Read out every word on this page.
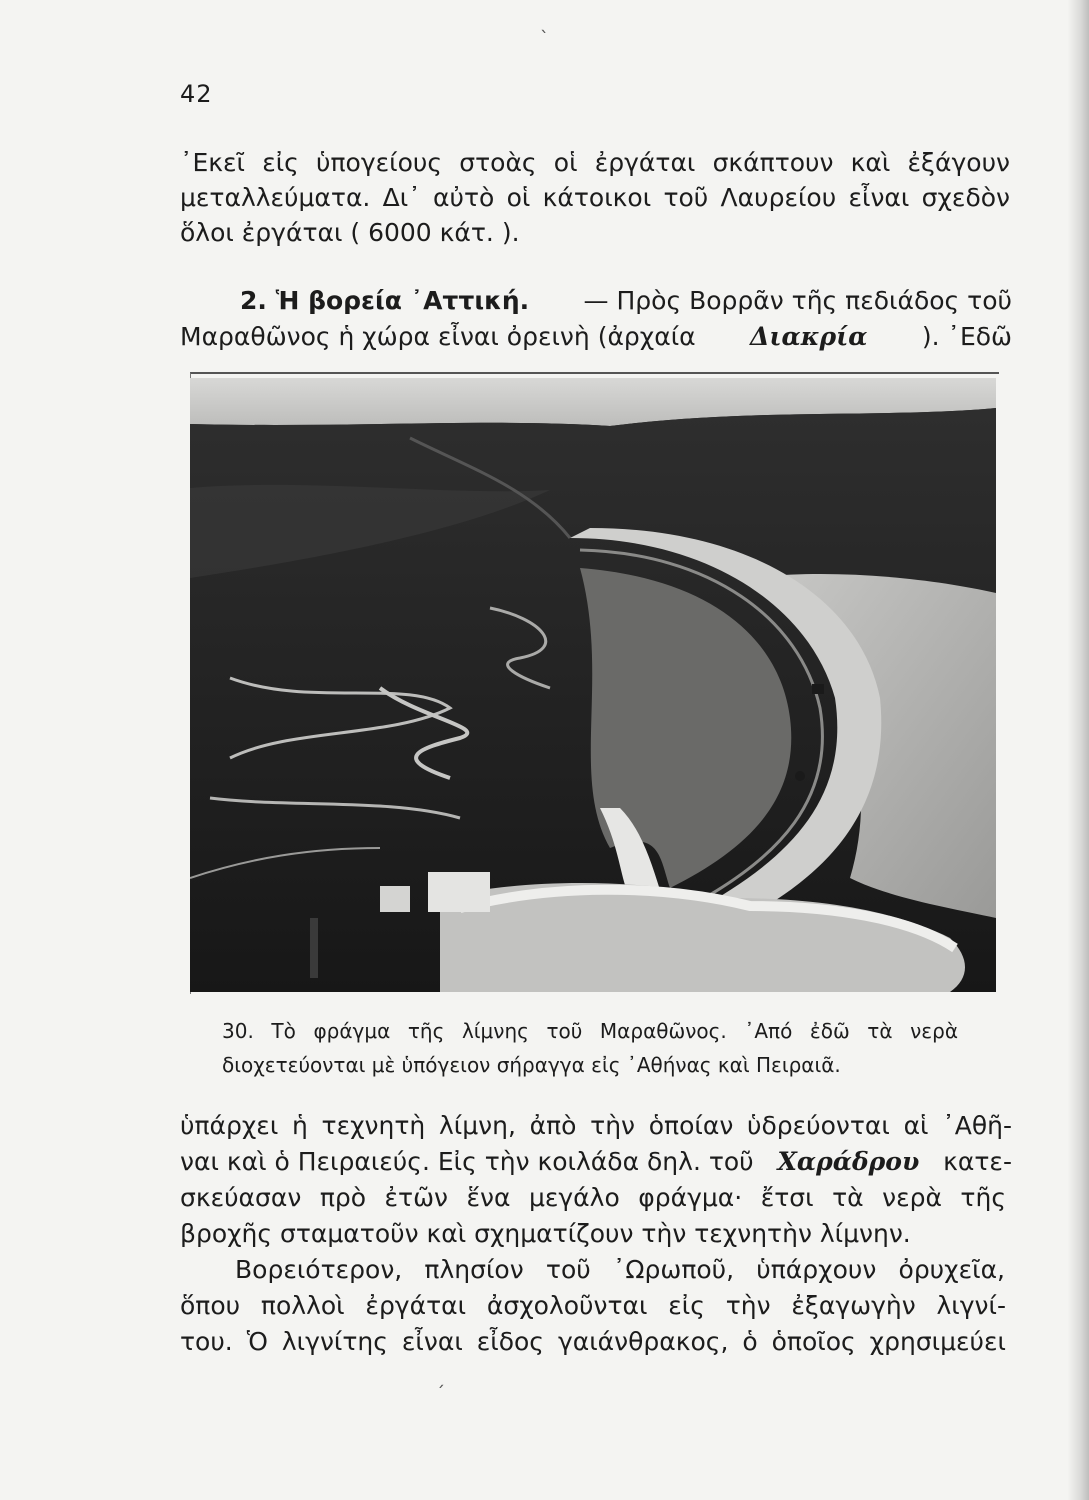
42
᾿Εκεῖ εἰς ὑπογείους στοὰς οἱ ἐργάται σκάπτουν καὶ ἐξάγουν
μεταλλεύματα. Δι᾿ αὐτὸ οἱ κάτοικοι τοῦ Λαυρείου εἶναι σχεδὸν
ὅλοι ἐργάται ( 6000 κάτ. ).
2. Ἡ βορεία ᾿Αττική. — Πρὸς Βορρᾶν τῆς πεδιάδος τοῦ
Μαραθῶνος ἡ χώρα εἶναι ὀρεινὴ (ἀρχαία Διακρία ). ᾿Εδῶ
30. Τὸ φράγμα τῆς λίμνης τοῦ Μαραθῶνος. ᾿Από ἐδῶ τὰ νερὰ
διοχετεύονται μὲ ὑπόγειον σήραγγα εἰς ᾿Αθήνας καὶ Πειραιᾶ.
ὑπάρχει ἡ τεχνητὴ λίμνη, ἀπὸ τὴν ὁποίαν ὑδρεύονται αἱ ᾿Αθῆ-
ναι καὶ ὁ Πειραιεύς. Εἰς τὴν κοιλάδα δηλ. τοῦ Χαράδρου κατε-
σκεύασαν πρὸ ἐτῶν ἕνα μεγάλο φράγμα· ἔτσι τὰ νερὰ τῆς
βροχῆς σταματοῦν καὶ σχηματίζουν τὴν τεχνητὴν λίμνην.
Βορειότερον, πλησίον τοῦ ᾿Ωρωποῦ, ὑπάρχουν ὀρυχεῖα,
ὅπου πολλοὶ ἐργάται ἀσχολοῦνται εἰς τὴν ἐξαγωγὴν λιγνί-
του. Ὁ λιγνίτης εἶναι εἶδος γαιάνθρακος, ὁ ὁποῖος χρησιμεύει
ˋ
ˏ
